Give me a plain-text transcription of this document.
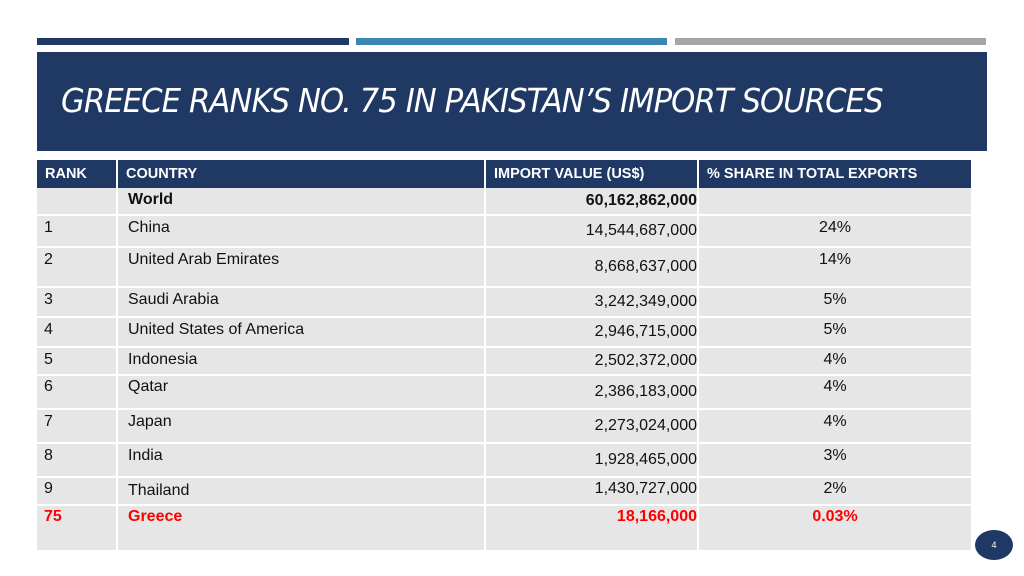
GREECE RANKS NO. 75 IN PAKISTAN’S IMPORT SOURCES
RANK	COUNTRY	IMPORT VALUE (US$)	% SHARE IN TOTAL EXPORTS
	World	60,162,862,000	
1	China	14,544,687,000	24%
2	United Arab Emirates	8,668,637,000	14%
3	Saudi Arabia	3,242,349,000	5%
4	United States of America	2,946,715,000	5%
5	Indonesia	2,502,372,000	4%
6	Qatar	2,386,183,000	4%
7	Japan	2,273,024,000	4%
8	India	1,928,465,000	3%
9	Thailand	1,430,727,000	2%
75	Greece	18,166,000	0.03%
4
